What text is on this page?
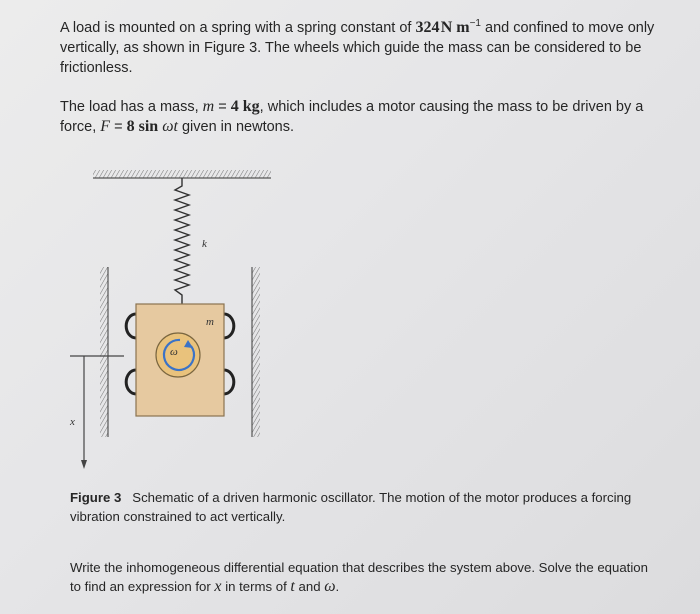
A load is mounted on a spring with a spring constant of 324 N $m^{-1}$ and confined to move only vertically, as shown in Figure 3. The wheels which guide the mass can be considered to be frictionless.
The load has a mass, m = 4 kg, which includes a motor causing the mass to be driven by a force, F = 8 sin ωt given in newtons.
k
m
ω
x
Figure 3 Schematic of a driven harmonic oscillator. The motion of the motor produces a forcing vibration constrained to act vertically.
Write the inhomogeneous differential equation that describes the system above. Solve the equation to find an expression for x in terms of t and ω.
